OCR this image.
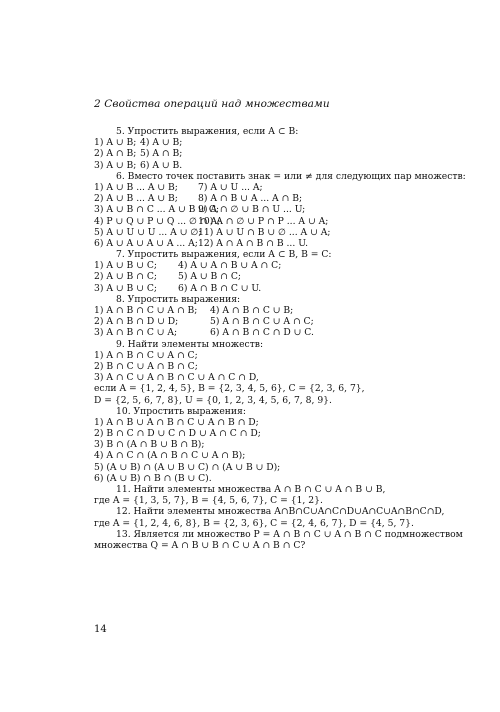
2 Свойства операций над множествами
5. Упростить выражения, если A ⊂ B:
1) A ∪ B; 4) A ∪ B;
2) A ∩ B; 5) A ∩ B;
3) A ∪ B; 6) A ∪ B.
6. Вместо точек поставить знак = или ≠ для следующих пар множеств:
1) A ∪ B ... A ∪ B; 7) A ∪ U ... A;
2) A ∪ B ... A ∪ B; 8) A ∩ B ∪ A ... A ∩ B;
3) A ∪ B ∩ C ... A ∪ B ∪ C;
9) A ∩ ∅ ∪ B ∩ U ... U;
4) P ∪ Q ∪ P ∪ Q ... ∅ ∩ A;
10) A ∩ ∅ ∪ P ∩ P ... A ∪ A;
5) A ∪ U ∪ U ... A ∪ ∅;
11) A ∪ U ∩ B ∪ ∅ ... A ∪ A;
6) A ∪ A ∪ A ∪ A ... A; 12) A ∩ A ∩ B ∩ B ... U.
7. Упростить выражения, если A ⊂ B, B = C:
1) A ∪ B ∪ C; 4) A ∪ A ∩ B ∪ A ∩ C;
2) A ∪ B ∩ C; 5) A ∪ B ∩ C;
3) A ∪ B ∪ C; 6) A ∩ B ∩ C ∪ U.
8. Упростить выражения:
1) A ∩ B ∩ C ∪ A ∩ B; 4) A ∩ B ∩ C ∪ B;
2) A ∩ B ∩ D ∪ D;	5) A ∩ B ∩ C ∪ A ∩ C;
3) A ∩ B ∩ C ∪ A;	6) A ∩ B ∩ C ∩ D ∪ C.
9. Найти элементы множеств:
1) A ∩ B ∩ C ∪ A ∩ C;
2) B ∩ C ∪ A ∩ B ∩ C;
3) A ∩ C ∪ A ∩ B ∩ C ∪ A ∩ C ∩ D,
если A = {1, 2, 4, 5}, B = {2, 3, 4, 5, 6}, C = {2, 3, 6, 7},
D = {2, 5, 6, 7, 8}, U = {0, 1, 2, 3, 4, 5, 6, 7, 8, 9}.
10. Упростить выражения:
1) A ∩ B ∪ A ∩ B ∩ C ∪ A ∩ B ∩ D;
2) B ∩ C ∩ D ∪ C ∩ D ∪ A ∩ C ∩ D;
3) B ∩ (A ∩ B ∪ B ∩ B);
4) A ∩ C ∩ (A ∩ B ∩ C ∪ A ∩ B);
5) (A ∪ B) ∩ (A ∪ B ∪ C) ∩ (A ∪ B ∪ D);
6) (A ∪ B) ∩ B ∩ (B ∪ C).
11. Найти элементы множества A ∩ B ∩ C ∪ A ∩ B ∪ B,
где A = {1, 3, 5, 7}, B = {4, 5, 6, 7}, C = {1, 2}.
12. Найти элементы множества A∩B∩C∪A∩C∩D∪A∩C∪A∩B∩C∩D,
где A = {1, 2, 4, 6, 8}, B = {2, 3, 6}, C = {2, 4, 6, 7}, D = {4, 5, 7}.
13. Является ли множество P = A ∩ B ∩ C ∪ A ∩ B ∩ C подмножеством
множества Q = A ∩ B ∪ B ∩ C ∪ A ∩ B ∩ C?
14
